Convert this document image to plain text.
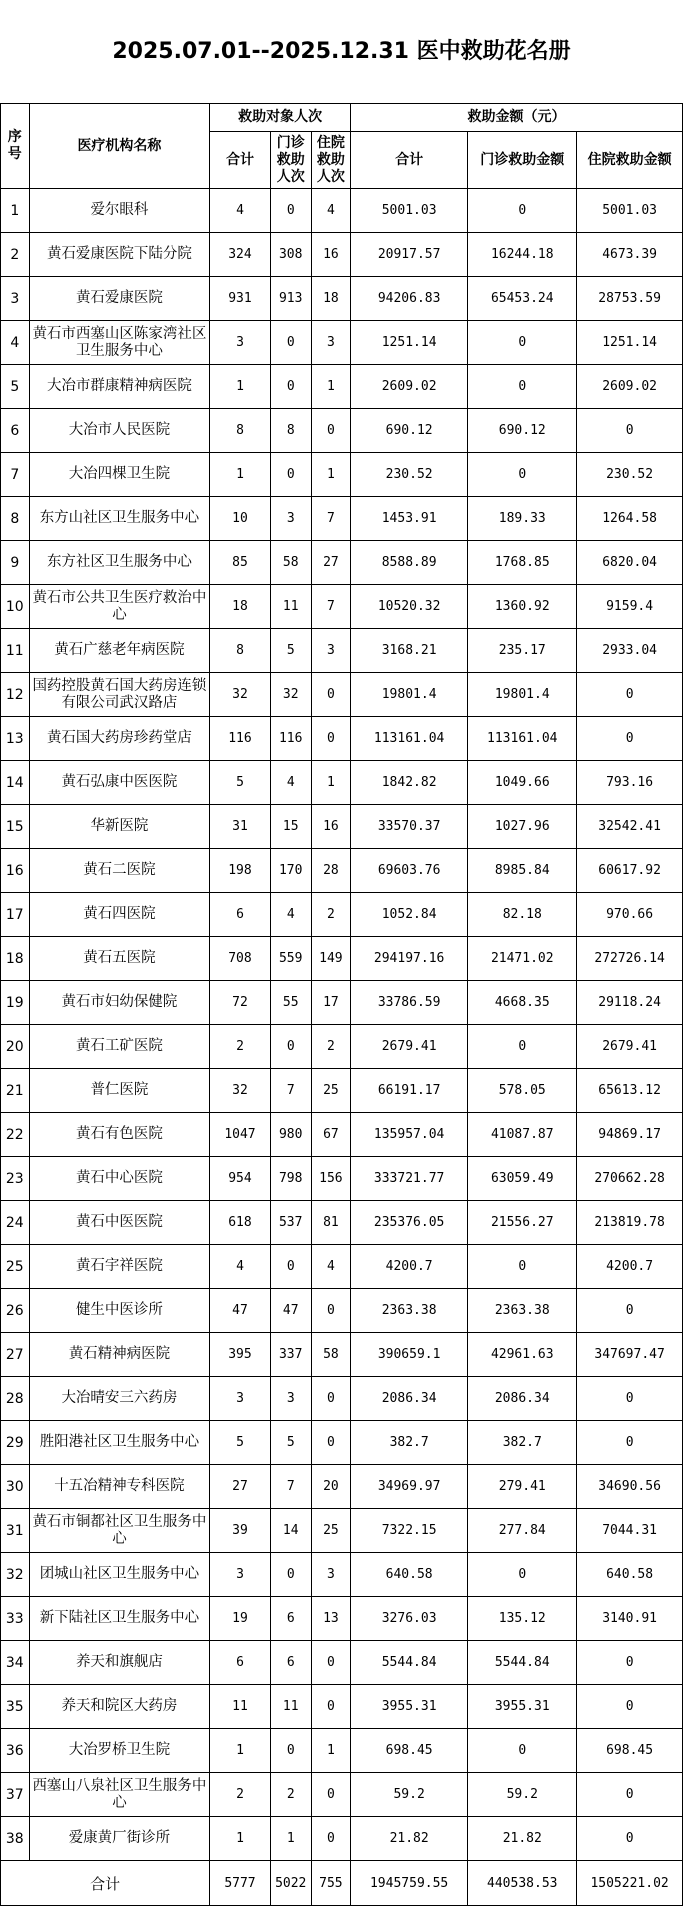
2025.07.01--2025.12.31 医中救助花名册
序号	医疗机构名称	救助对象人次			救助金额（元）		
		合计	门诊救助人次	住院救助人次	合计	门诊救助金额	住院救助金额
1	爱尔眼科	4	0	4	5001.03	0	5001.03
2	黄石爱康医院下陆分院	324	308	16	20917.57	16244.18	4673.39
3	黄石爱康医院	931	913	18	94206.83	65453.24	28753.59
4	黄石市西塞山区陈家湾社区卫生服务中心	3	0	3	1251.14	0	1251.14
5	大冶市群康精神病医院	1	0	1	2609.02	0	2609.02
6	大冶市人民医院	8	8	0	690.12	690.12	0
7	大冶四棵卫生院	1	0	1	230.52	0	230.52
8	东方山社区卫生服务中心	10	3	7	1453.91	189.33	1264.58
9	东方社区卫生服务中心	85	58	27	8588.89	1768.85	6820.04
10	黄石市公共卫生医疗救治中心	18	11	7	10520.32	1360.92	9159.4
11	黄石广慈老年病医院	8	5	3	3168.21	235.17	2933.04
12	国药控股黄石国大药房连锁有限公司武汉路店	32	32	0	19801.4	19801.4	0
13	黄石国大药房珍药堂店	116	116	0	113161.04	113161.04	0
14	黄石弘康中医医院	5	4	1	1842.82	1049.66	793.16
15	华新医院	31	15	16	33570.37	1027.96	32542.41
16	黄石二医院	198	170	28	69603.76	8985.84	60617.92
17	黄石四医院	6	4	2	1052.84	82.18	970.66
18	黄石五医院	708	559	149	294197.16	21471.02	272726.14
19	黄石市妇幼保健院	72	55	17	33786.59	4668.35	29118.24
20	黄石工矿医院	2	0	2	2679.41	0	2679.41
21	普仁医院	32	7	25	66191.17	578.05	65613.12
22	黄石有色医院	1047	980	67	135957.04	41087.87	94869.17
23	黄石中心医院	954	798	156	333721.77	63059.49	270662.28
24	黄石中医医院	618	537	81	235376.05	21556.27	213819.78
25	黄石宇祥医院	4	0	4	4200.7	0	4200.7
26	健生中医诊所	47	47	0	2363.38	2363.38	0
27	黄石精神病医院	395	337	58	390659.1	42961.63	347697.47
28	大冶晴安三六药房	3	3	0	2086.34	2086.34	0
29	胜阳港社区卫生服务中心	5	5	0	382.7	382.7	0
30	十五冶精神专科医院	27	7	20	34969.97	279.41	34690.56
31	黄石市铜都社区卫生服务中心	39	14	25	7322.15	277.84	7044.31
32	团城山社区卫生服务中心	3	0	3	640.58	0	640.58
33	新下陆社区卫生服务中心	19	6	13	3276.03	135.12	3140.91
34	养天和旗舰店	6	6	0	5544.84	5544.84	0
35	养天和院区大药房	11	11	0	3955.31	3955.31	0
36	大冶罗桥卫生院	1	0	1	698.45	0	698.45
37	西塞山八泉社区卫生服务中心	2	2	0	59.2	59.2	0
38	爱康黄厂街诊所	1	1	0	21.82	21.82	0
合计		5777	5022	755	1945759.55	440538.53	1505221.02
